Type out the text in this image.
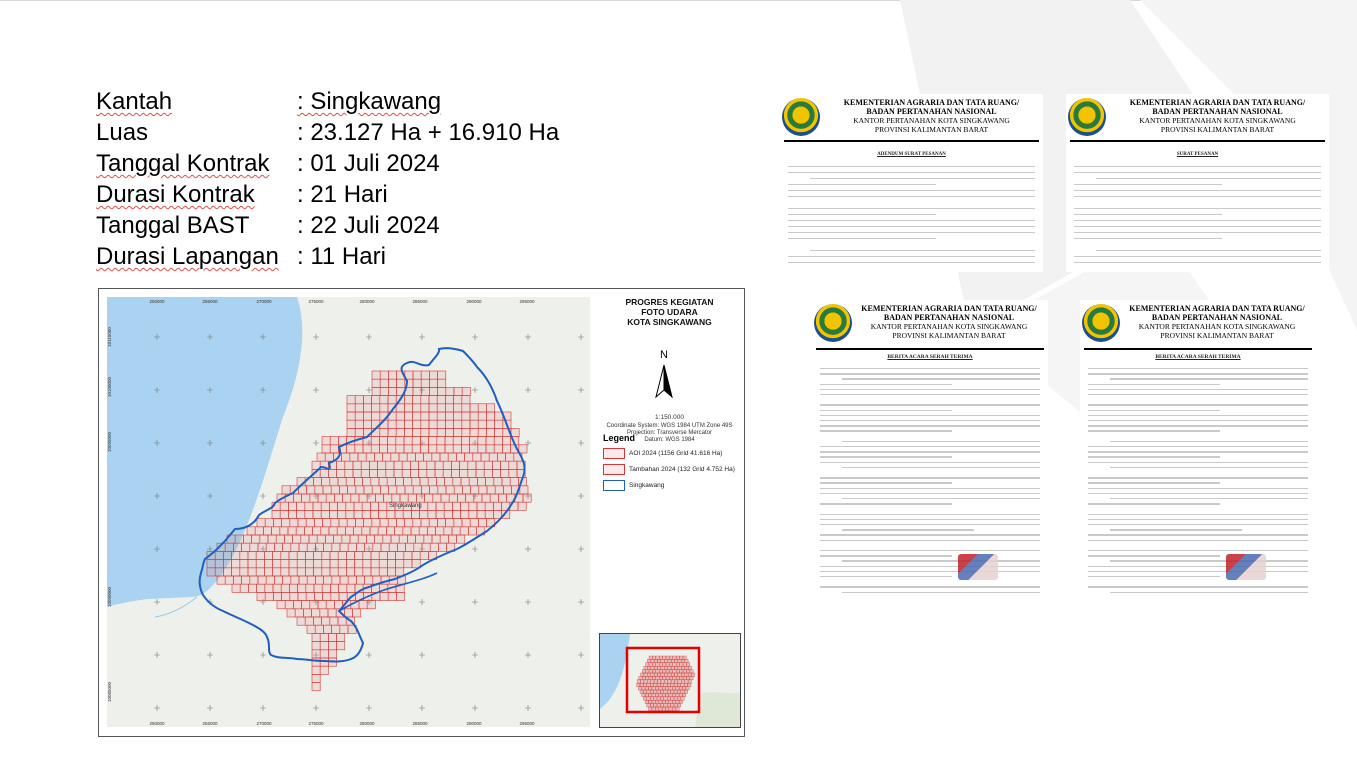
Kantah	: Singkawang
Luas	: 23.127 Ha + 16.910 Ha
Tanggal Kontrak : 01 Juli 2024
Durasi Kontrak : 21 Hari
Tanggal BAST : 22 Juli 2024
Durasi Lapangan : 11 Hari
250000
250000
255000
255000
270000
270000
275000
275000
280000
280000
285000
285000
290000
290000
295000
295000
10115000
10100000
10095000
10090000
10085000
Singkawang
PROGRES KEGIATAN
FOTO UDARA
KOTA SINGKAWANG
N
1:150.000
Coordinate System: WGS 1984 UTM Zone 49S
Projection: Transverse Mercator
Datum: WGS 1984
Legend
AOI 2024 (1156 Grid 41.616 Ha)
Tambahan 2024 (132 Grid 4.752 Ha)
Singkawang
KEMENTERIAN AGRARIA DAN TATA RUANG/
BADAN PERTANAHAN NASIONAL
KANTOR PERTANAHAN KOTA SINGKAWANG
PROVINSI KALIMANTAN BARAT
ADENDUM SURAT PESANAN
KEMENTERIAN AGRARIA DAN TATA RUANG/
BADAN PERTANAHAN NASIONAL
KANTOR PERTANAHAN KOTA SINGKAWANG
PROVINSI KALIMANTAN BARAT
SURAT PESANAN
KEMENTERIAN AGRARIA DAN TATA RUANG/
BADAN PERTANAHAN NASIONAL
KANTOR PERTANAHAN KOTA SINGKAWANG
PROVINSI KALIMANTAN BARAT
BERITA ACARA SERAH TERIMA
KEMENTERIAN AGRARIA DAN TATA RUANG/
BADAN PERTANAHAN NASIONAL
KANTOR PERTANAHAN KOTA SINGKAWANG
PROVINSI KALIMANTAN BARAT
BERITA ACARA SERAH TERIMA
